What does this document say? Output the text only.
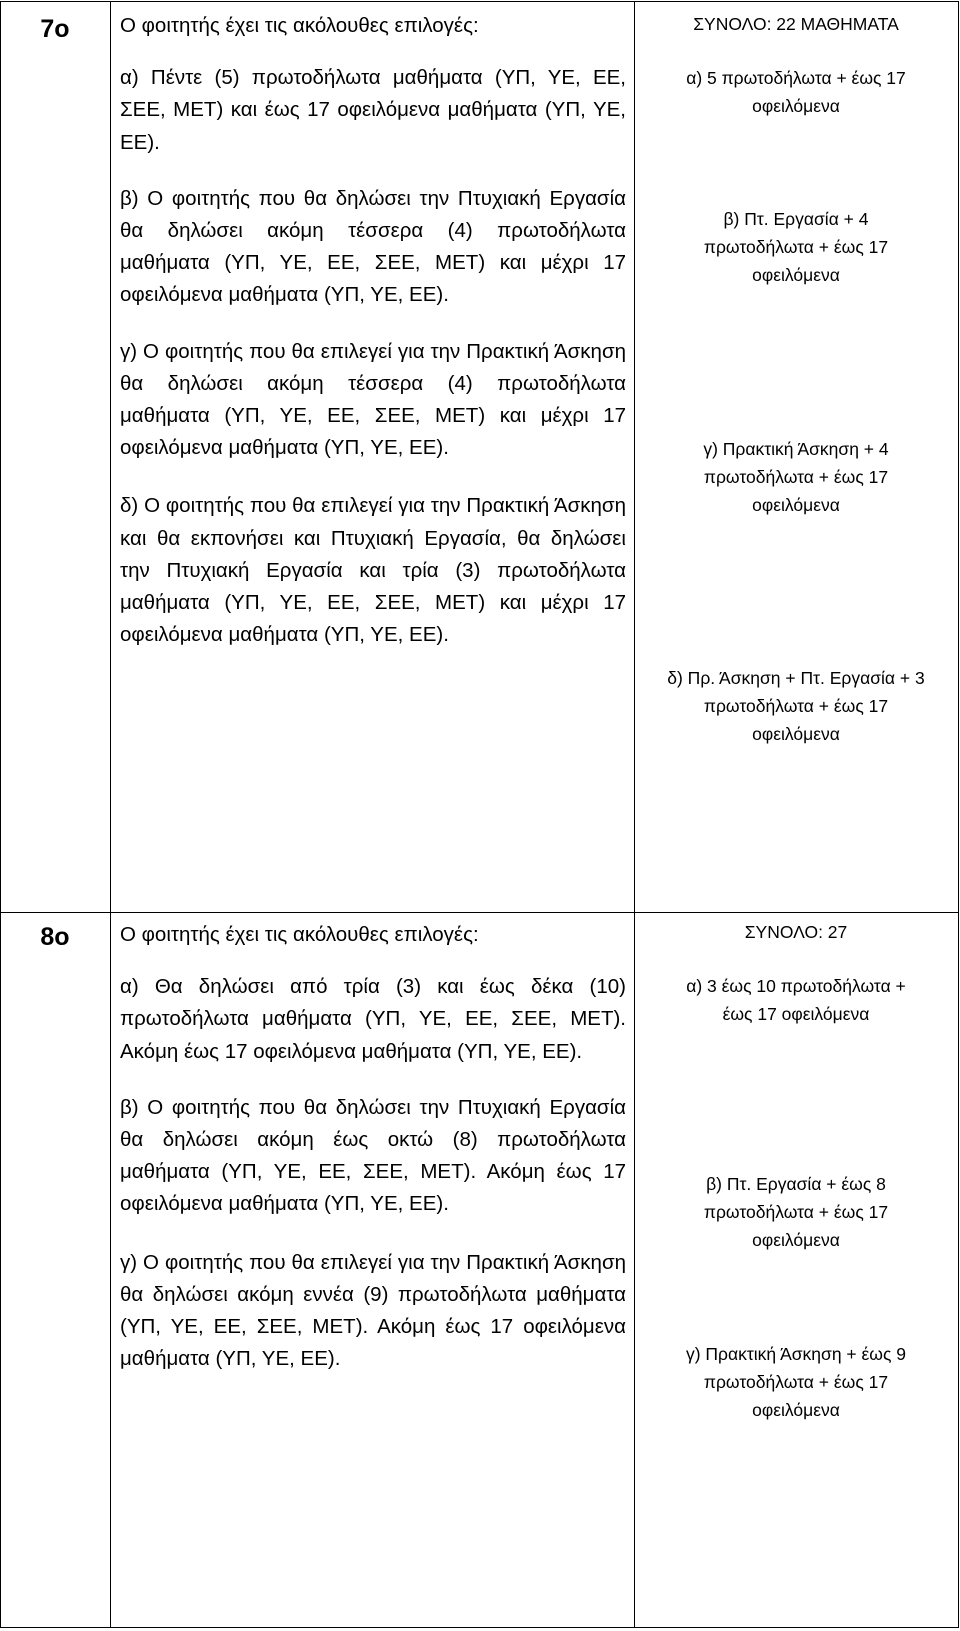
7ο	Ο φοιτητής έχει τις ακόλουθες επιλογές:

α) Πέντε (5) πρωτοδήλωτα μαθήματα (ΥΠ, ΥΕ, ΕΕ, ΣΕΕ, ΜΕΤ) και έως 17 οφειλόμενα μαθήματα (ΥΠ, ΥΕ, ΕΕ).

β) Ο φοιτητής που θα δηλώσει την Πτυχιακή Εργασία θα δηλώσει ακόμη τέσσερα (4) πρωτοδήλωτα μαθήματα (ΥΠ, ΥΕ, ΕΕ, ΣΕΕ, ΜΕΤ) και μέχρι 17 οφειλόμενα μαθήματα (ΥΠ, ΥΕ, ΕΕ).

γ) Ο φοιτητής που θα επιλεγεί για την Πρακτική Άσκηση θα δηλώσει ακόμη τέσσερα (4) πρωτοδήλωτα μαθήματα (ΥΠ, ΥΕ, ΕΕ, ΣΕΕ, ΜΕΤ) και μέχρι 17 οφειλόμενα μαθήματα (ΥΠ, ΥΕ, ΕΕ).

δ) Ο φοιτητής που θα επιλεγεί για την Πρακτική Άσκηση και θα εκπονήσει και Πτυχιακή Εργασία, θα δηλώσει την Πτυχιακή Εργασία και τρία (3) πρωτοδήλωτα μαθήματα (ΥΠ, ΥΕ, ΕΕ, ΣΕΕ, ΜΕΤ) και μέχρι 17 οφειλόμενα μαθήματα (ΥΠ, ΥΕ, ΕΕ).

ΣΥΝΟΛΟ: 22 ΜΑΘΗΜΑΤΑ

α) 5 πρωτοδήλωτα + έως 17

οφειλόμενα

β) Πτ. Εργασία + 4

πρωτοδήλωτα + έως 17

οφειλόμενα

γ) Πρακτική Άσκηση + 4

πρωτοδήλωτα + έως 17

οφειλόμενα

δ) Πρ. Άσκηση + Πτ. Εργασία + 3

πρωτοδήλωτα + έως 17

οφειλόμενα

8ο	Ο φοιτητής έχει τις ακόλουθες επιλογές:

α) Θα δηλώσει από τρία (3) και έως δέκα (10) πρωτοδήλωτα μαθήματα (ΥΠ, ΥΕ, ΕΕ, ΣΕΕ, ΜΕΤ). Ακόμη έως 17 οφειλόμενα μαθήματα (ΥΠ, ΥΕ, ΕΕ).

β) Ο φοιτητής που θα δηλώσει την Πτυχιακή Εργασία θα δηλώσει ακόμη έως οκτώ (8) πρωτοδήλωτα μαθήματα (ΥΠ, ΥΕ, ΕΕ, ΣΕΕ, ΜΕΤ). Ακόμη έως 17 οφειλόμενα μαθήματα (ΥΠ, ΥΕ, ΕΕ).

γ) Ο φοιτητής που θα επιλεγεί για την Πρακτική Άσκηση θα δηλώσει ακόμη εννέα (9) πρωτοδήλωτα μαθήματα (ΥΠ, ΥΕ, ΕΕ, ΣΕΕ, ΜΕΤ). Ακόμη έως 17 οφειλόμενα μαθήματα (ΥΠ, ΥΕ, ΕΕ).

ΣΥΝΟΛΟ: 27

α) 3 έως 10 πρωτοδήλωτα +

έως 17 οφειλόμενα

β) Πτ. Εργασία + έως 8

πρωτοδήλωτα + έως 17

οφειλόμενα

γ) Πρακτική Άσκηση + έως 9

πρωτοδήλωτα + έως 17

οφειλόμενα
